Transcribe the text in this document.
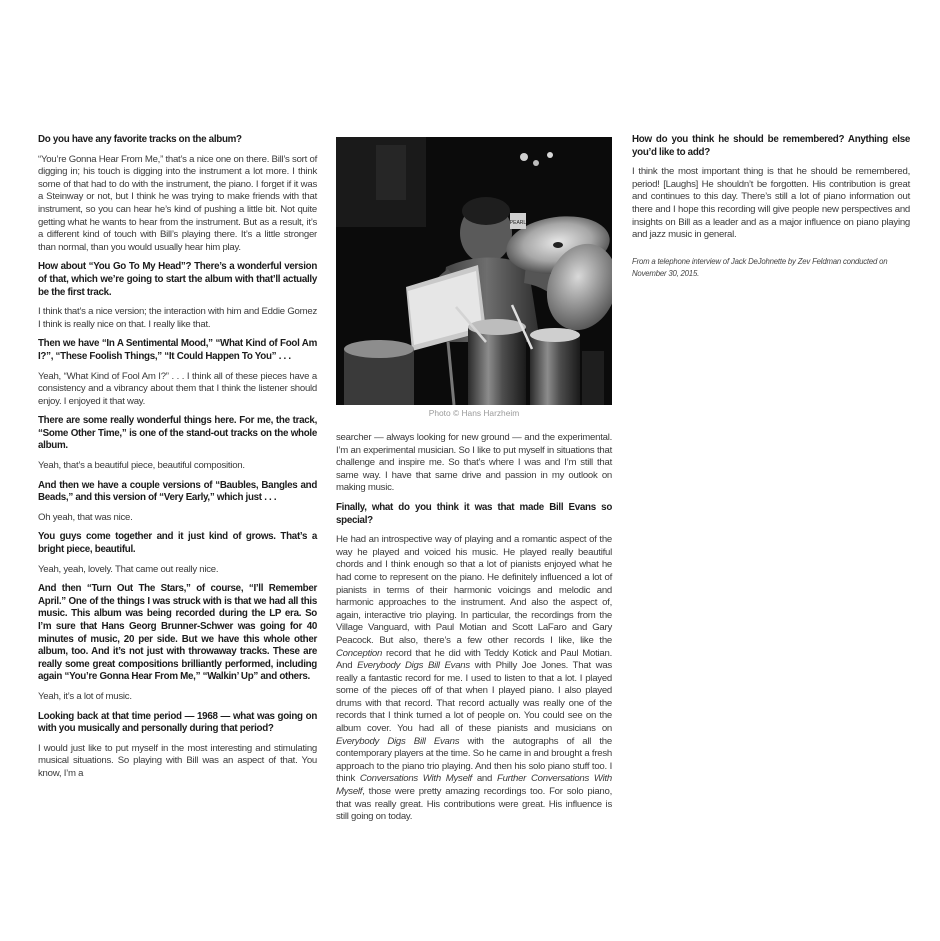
Do you have any favorite tracks on the album?

“You’re Gonna Hear From Me,” that’s a nice one on there. Bill’s sort of digging in; his touch is digging into the instrument a lot more. I think some of that had to do with the instrument, the piano. I forget if it was a Steinway or not, but I think he was trying to make friends with that instrument, so you can hear he’s kind of pushing a little bit. Not quite getting what he wants to hear from the instrument. But as a result, it’s a different kind of touch with Bill’s playing there. It’s a little stronger than normal, than you would usually hear him play.

How about “You Go To My Head”? There’s a wonderful version of that, which we’re going to start the album with that’ll actually be the first track.

I think that’s a nice version; the interaction with him and Eddie Gomez I think is really nice on that. I really like that.

Then we have “In A Sentimental Mood,” “What Kind of Fool Am I?”, “These Foolish Things,” “It Could Happen To You” . . .

Yeah, “What Kind of Fool Am I?” . . . I think all of these pieces have a consistency and a vibrancy about them that I think the listener should enjoy. I enjoyed it that way.

There are some really wonderful things here. For me, the track, “Some Other Time,” is one of the stand-out tracks on the whole album.

Yeah, that’s a beautiful piece, beautiful composition.

And then we have a couple versions of “Baubles, Bangles and Beads,” and this version of “Very Early,” which just . . .

Oh yeah, that was nice.

You guys come together and it just kind of grows. That’s a bright piece, beautiful.

Yeah, yeah, lovely. That came out really nice.

And then “Turn Out The Stars,” of course, “I’ll Remember April.” One of the things I was struck with is that we had all this music. This album was being recorded during the LP era. So I’m sure that Hans Georg Brunner-Schwer was going for 40 minutes of music, 20 per side. But we have this whole other album, too. And it’s not just with throwaway tracks. These are really some great compositions brilliantly performed, including again “You’re Gonna Hear From Me,” “Walkin’ Up” and others.

Yeah, it’s a lot of music.

Looking back at that time period — 1968 — what was going on with you musically and personally during that period?

I would just like to put myself in the most interesting and stimulating musical situations. So playing with Bill was an aspect of that. You know, I’m a

PEARL
Photo © Hans Harzheim

searcher — always looking for new ground — and the experimental. I’m an experimental musician. So I like to put myself in situations that challenge and inspire me. So that’s where I was and I’m still that same way. I have that same drive and passion in my outlook on making music.

Finally, what do you think it was that made Bill Evans so special?

He had an introspective way of playing and a romantic aspect of the way he played and voiced his music. He played really beautiful chords and I think enough so that a lot of pianists enjoyed what he had come to represent on the piano. He definitely influenced a lot of pianists in terms of their harmonic voicings and melodic and harmonic approaches to the instrument. And also the aspect of, again, interactive trio playing. In particular, the recordings from the Village Vanguard, with Paul Motian and Scott LaFaro and Gary Peacock. But also, there’s a few other records I like, like the Conception record that he did with Teddy Kotick and Paul Motian. And Everybody Digs Bill Evans with Philly Joe Jones. That was really a fantastic record for me. I used to listen to that a lot. I played some of the pieces off of that when I played piano. I also played drums with that record. That record actually was really one of the records that I think turned a lot of people on. You could see on the album cover. You had all of these pianists and musicians on Everybody Digs Bill Evans with the autographs of all the contemporary players at the time. So he came in and brought a fresh approach to the piano trio playing. And then his solo piano stuff too. I think Conversations With Myself and Further Conversations With Myself, those were pretty amazing recordings too. For solo piano, that was really great. His contributions were great. His influence is still going on today.

How do you think he should be remembered? Anything else you’d like to add?

I think the most important thing is that he should be remembered, period! [Laughs] He shouldn’t be forgotten. His contribution is great and continues to this day. There’s still a lot of piano information out there and I hope this recording will give people new perspectives and insights on Bill as a leader and as a major influence on piano playing and jazz music in general.

From a telephone interview of Jack DeJohnette by Zev Feldman conducted on November 30, 2015.
